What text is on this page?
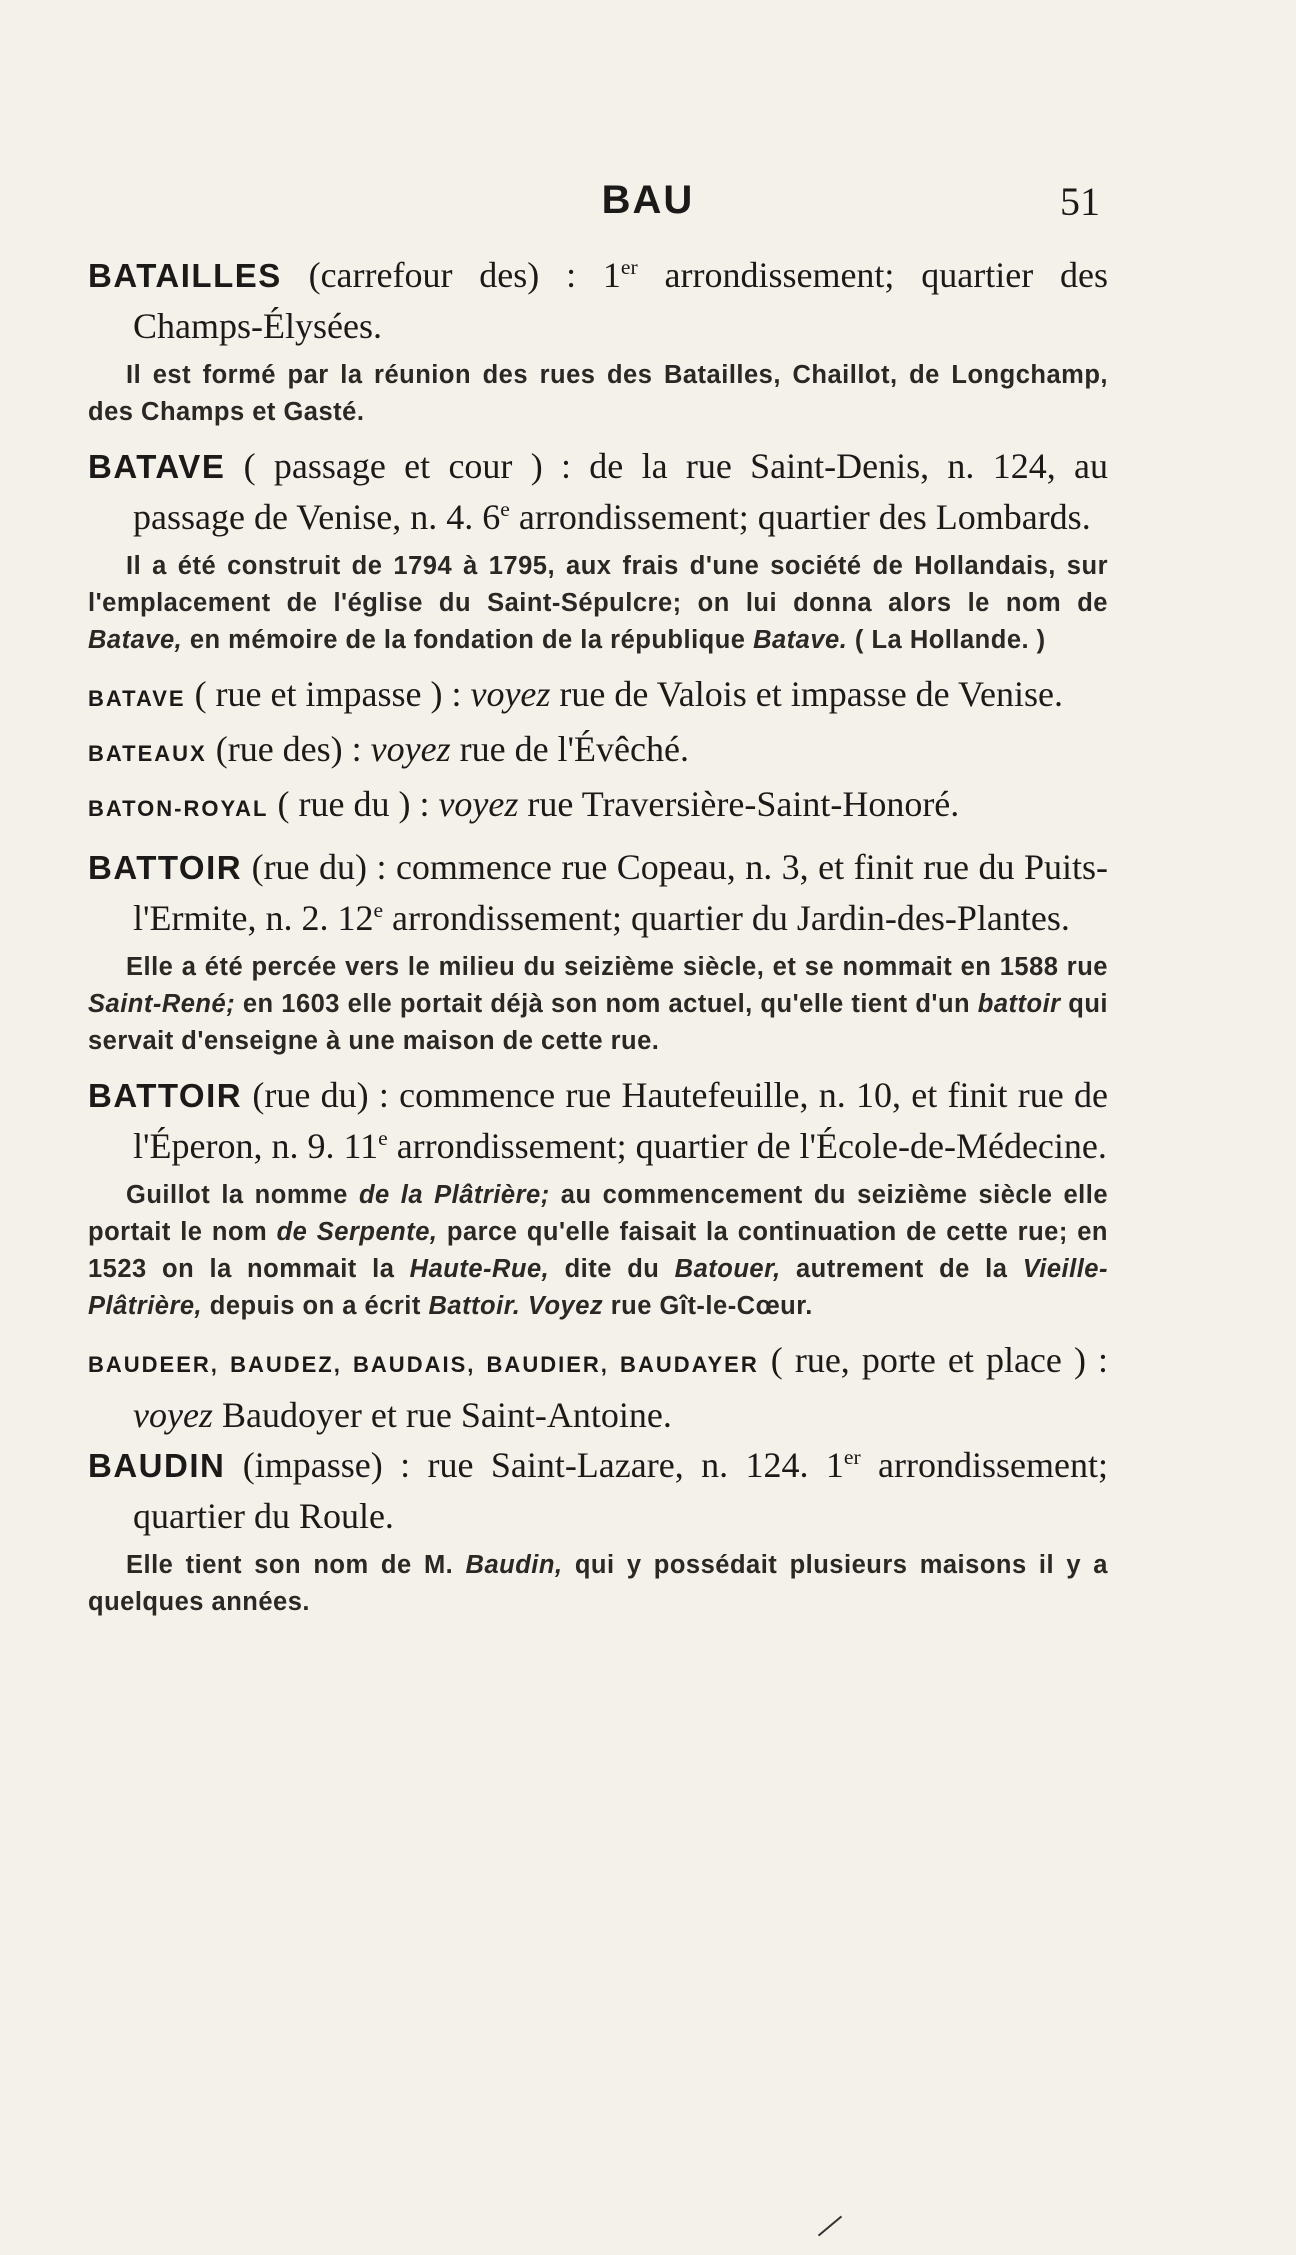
BAU	51

BATAILLES (carrefour des) : 1er arrondissement; quartier des Champs-Élysées.

Il est formé par la réunion des rues des Batailles, Chaillot, de Longchamp, des Champs et Gasté.

BATAVE ( passage et cour ) : de la rue Saint-Denis, n. 124, au passage de Venise, n. 4. 6e arrondissement; quartier des Lombards.

Il a été construit de 1794 à 1795, aux frais d'une société de Hollandais, sur l'emplacement de l'église du Saint-Sépulcre; on lui donna alors le nom de Batave, en mémoire de la fondation de la république Batave. ( La Hollande. )

BATAVE ( rue et impasse ) : voyez rue de Valois et impasse de Venise.

BATEAUX (rue des) : voyez rue de l'Évêché.

BATON-ROYAL ( rue du ) : voyez rue Traversière-Saint-Honoré.

BATTOIR (rue du) : commence rue Copeau, n. 3, et finit rue du Puits-l'Ermite, n. 2. 12e arrondissement; quartier du Jardin-des-Plantes.

Elle a été percée vers le milieu du seizième siècle, et se nommait en 1588 rue Saint-René; en 1603 elle portait déjà son nom actuel, qu'elle tient d'un battoir qui servait d'enseigne à une maison de cette rue.

BATTOIR (rue du) : commence rue Hautefeuille, n. 10, et finit rue de l'Éperon, n. 9. 11e arrondissement; quartier de l'École-de-Médecine.

Guillot la nomme de la Plâtrière; au commencement du seizième siècle elle portait le nom de Serpente, parce qu'elle faisait la continuation de cette rue; en 1523 on la nommait la Haute-Rue, dite du Batouer, autrement de la Vieille-Plâtrière, depuis on a écrit Battoir. Voyez rue Gît-le-Cœur.

BAUDEER, BAUDEZ, BAUDAIS, BAUDIER, BAUDAYER ( rue, porte et place ) : voyez Baudoyer et rue Saint-Antoine.

BAUDIN (impasse) : rue Saint-Lazare, n. 124. 1er arrondissement; quartier du Roule.

Elle tient son nom de M. Baudin, qui y possédait plusieurs maisons il y a quelques années.
